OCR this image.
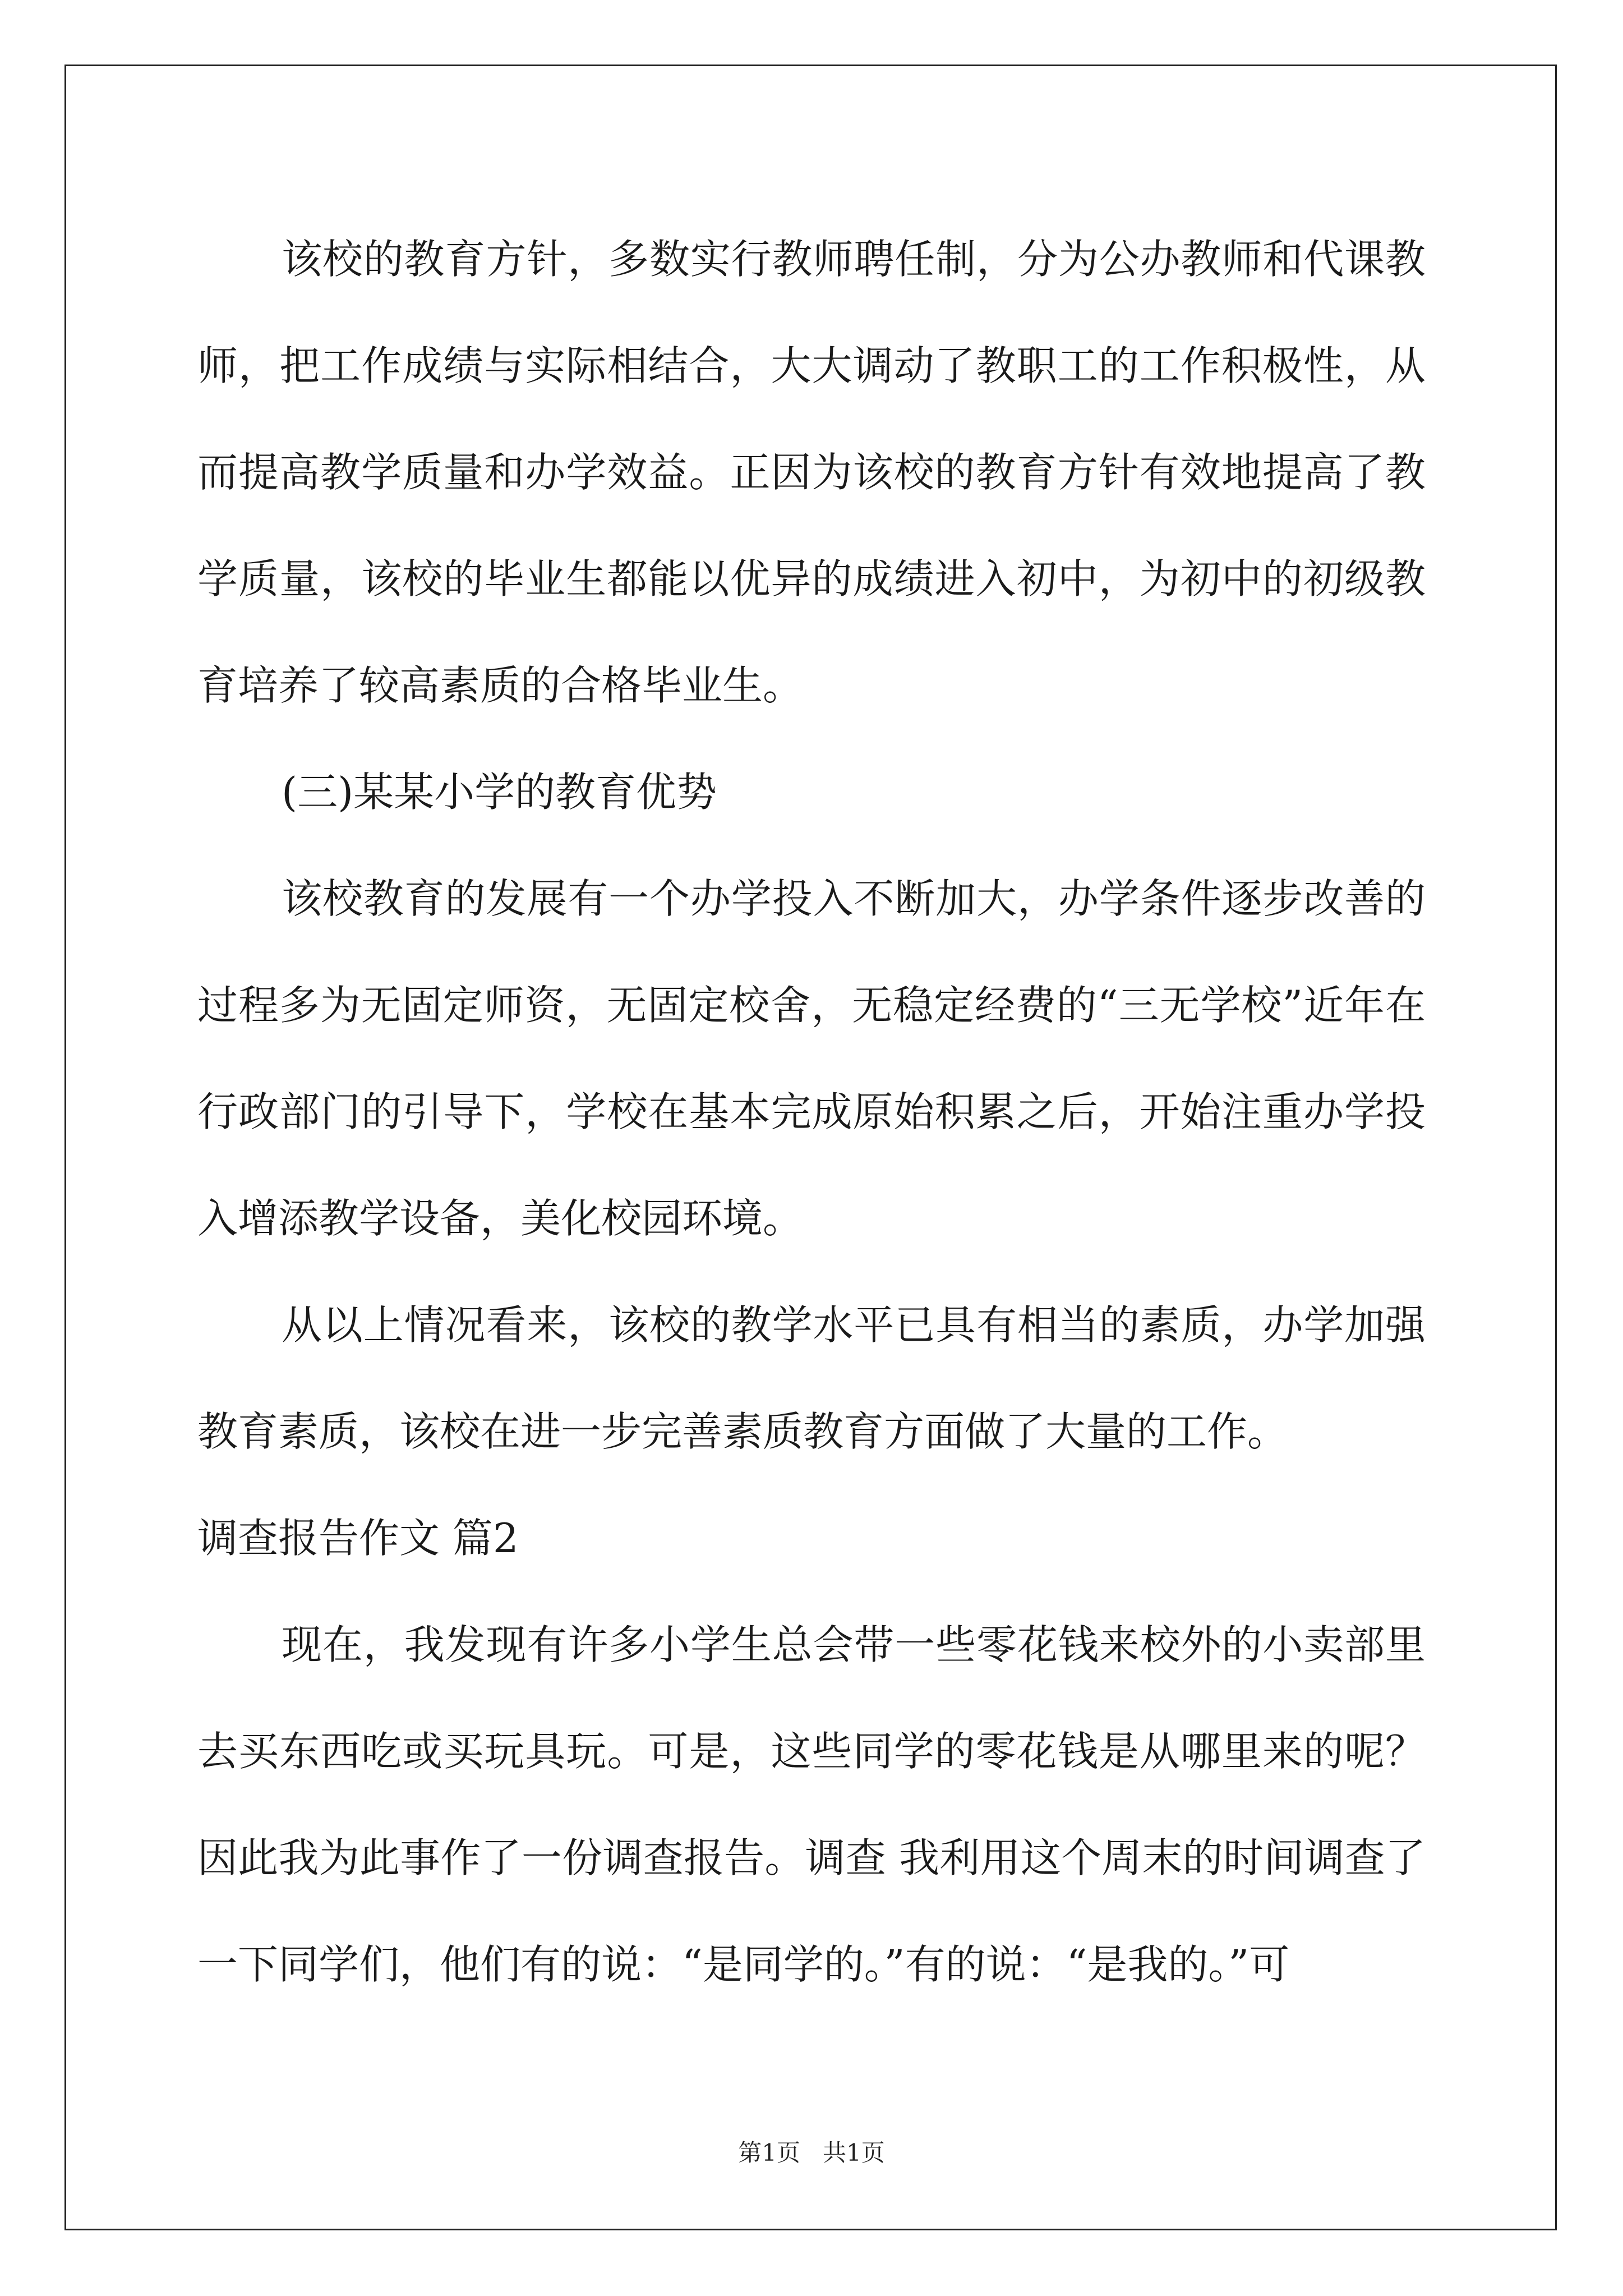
该校的教育方针，多数实行教师聘任制，分为公办教师和代课教师，把工作成绩与实际相结合，大大调动了教职工的工作积极性，从而提高教学质量和办学效益。正因为该校的教育方针有效地提高了教学质量，该校的毕业生都能以优异的成绩进入初中，为初中的初级教育培养了较高素质的合格毕业生。

(三)某某小学的教育优势

该校教育的发展有一个办学投入不断加大，办学条件逐步改善的过程多为无固定师资，无固定校舍，无稳定经费的“三无学校”近年在行政部门的引导下，学校在基本完成原始积累之后，开始注重办学投入增添教学设备，美化校园环境。

从以上情况看来，该校的教学水平已具有相当的素质，办学加强教育素质，该校在进一步完善素质教育方面做了大量的工作。

调查报告作文 篇2

现在，我发现有许多小学生总会带一些零花钱来校外的小卖部里去买东西吃或买玩具玩。可是，这些同学的零花钱是从哪里来的呢？因此我为此事作了一份调查报告。调查 我利用这个周末的时间调查了一下同学们，他们有的说：“是同学的。”有的说：“是我的。”可

第1页   共1页
